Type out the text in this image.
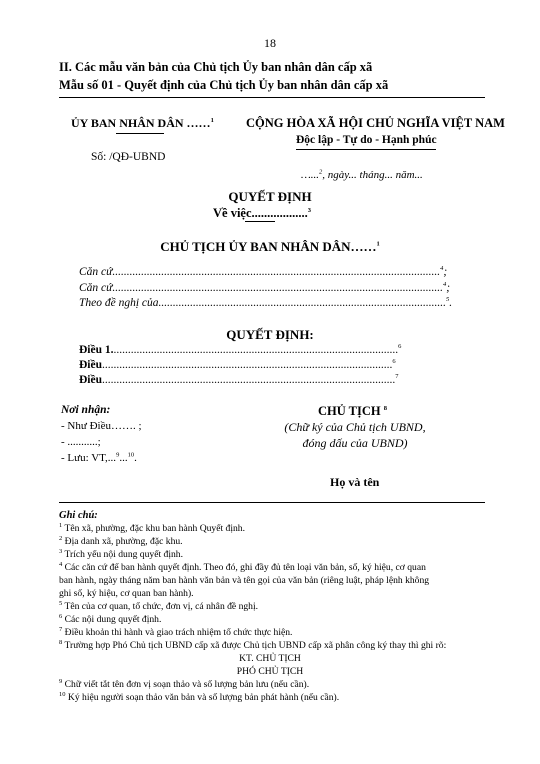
18
II. Các mẫu văn bản của Chủ tịch Ủy ban nhân dân cấp xã
Mẫu số 01 - Quyết định của Chủ tịch Ủy ban nhân dân cấp xã
ỦY BAN NHÂN DÂN ……$^1$	CỘNG HÒA XÃ HỘI CHỦ NGHĨA VIỆT NAM
Độc lập - Tự do - Hạnh phúc
Số: /QĐ-UBND
…...$^2$, ngày... tháng... năm...
QUYẾT ĐỊNH
Về việc..................$^3$
CHỦ TỊCH ỦY BAN NHÂN DÂN……$^1$
Căn cứ..................................................................................................................$^4$;
Căn cứ...................................................................................................................$^4$;
Theo đề nghị của....................................................................................................$^5$.
QUYẾT ĐỊNH:
Điều 1....................................................................................................$^6$
Điều.....................................................................................................$^6$
Điều......................................................................................................$^7$
Nơi nhận:
- Như Điều……. ;
- ...........;
- Lưu: VT,...$^9$...$^{10}$.
CHỦ TỊCH $^8$
(Chữ ký của Chủ tịch UBND,
đóng dấu của UBND)
Họ và tên
Ghi chú:
$^1$ Tên xã, phường, đặc khu ban hành Quyết định.
$^2$ Địa danh xã, phường, đặc khu.
$^3$ Trích yếu nội dung quyết định.
$^4$ Các căn cứ để ban hành quyết định. Theo đó, ghi đầy đủ tên loại văn bản, số, ký hiệu, cơ quan
ban hành, ngày tháng năm ban hành văn bản và tên gọi của văn bản (riêng luật, pháp lệnh không
ghi số, ký hiệu, cơ quan ban hành).
$^5$ Tên của cơ quan, tổ chức, đơn vị, cá nhân đề nghị.
$^6$ Các nội dung quyết định.
$^7$ Điều khoản thi hành và giao trách nhiệm tổ chức thực hiện.
$^8$ Trường hợp Phó Chủ tịch UBND cấp xã được Chủ tịch UBND cấp xã phân công ký thay thì ghi rõ:
KT. CHỦ TỊCH
PHÓ CHỦ TỊCH
$^9$ Chữ viết tắt tên đơn vị soạn thảo và số lượng bản lưu (nếu cần).
$^{10}$ Ký hiệu người soạn thảo văn bản và số lượng bản phát hành (nếu cần).
